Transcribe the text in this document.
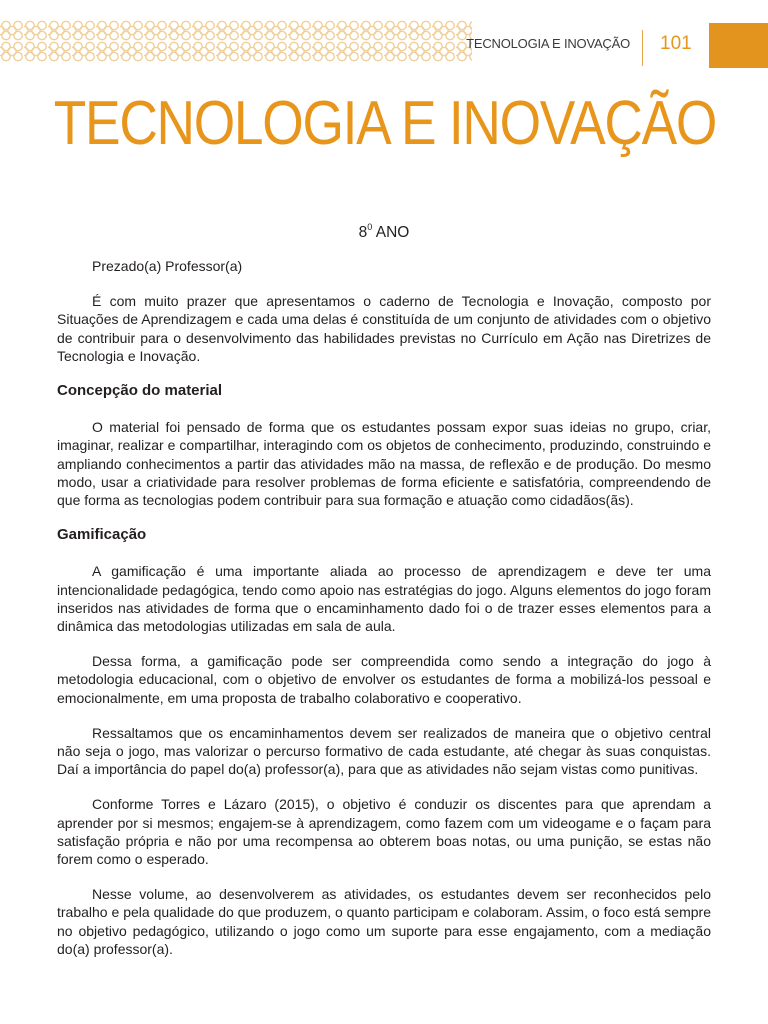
TECNOLOGIA E INOVAÇÃO 101
TECNOLOGIA E INOVAÇÃO
$8^0$ ANO
Prezado(a) Professor(a)

É com muito prazer que apresentamos o caderno de Tecnologia e Inovação, composto por Situações de Aprendizagem e cada uma delas é constituída de um conjunto de atividades com o objetivo de contribuir para o desenvolvimento das habilidades previstas no Currículo em Ação nas Diretrizes de Tecnologia e Inovação.

Concepção do material

O material foi pensado de forma que os estudantes possam expor suas ideias no grupo, criar, imaginar, realizar e compartilhar, interagindo com os objetos de conhecimento, produzindo, construindo e ampliando conhecimentos a partir das atividades mão na massa, de reflexão e de produção. Do mesmo modo, usar a criatividade para resolver problemas de forma eficiente e satisfatória, compreendendo de que forma as tecnologias podem contribuir para sua formação e atuação como cidadãos(ãs).

Gamificação

A gamificação é uma importante aliada ao processo de aprendizagem e deve ter uma intencionalidade pedagógica, tendo como apoio nas estratégias do jogo. Alguns elementos do jogo foram inseridos nas atividades de forma que o encaminhamento dado foi o de trazer esses elementos para a dinâmica das metodologias utilizadas em sala de aula.

Dessa forma, a gamificação pode ser compreendida como sendo a integração do jogo à metodologia educacional, com o objetivo de envolver os estudantes de forma a mobilizá-los pessoal e emocionalmente, em uma proposta de trabalho colaborativo e cooperativo.

Ressaltamos que os encaminhamentos devem ser realizados de maneira que o objetivo central não seja o jogo, mas valorizar o percurso formativo de cada estudante, até chegar às suas conquistas. Daí a importância do papel do(a) professor(a), para que as atividades não sejam vistas como punitivas.

Conforme Torres e Lázaro (2015), o objetivo é conduzir os discentes para que aprendam a aprender por si mesmos; engajem-se à aprendizagem, como fazem com um videogame e o façam para satisfação própria e não por uma recompensa ao obterem boas notas, ou uma punição, se estas não forem como o esperado.

Nesse volume, ao desenvolverem as atividades, os estudantes devem ser reconhecidos pelo trabalho e pela qualidade do que produzem, o quanto participam e colaboram. Assim, o foco está sempre no objetivo pedagógico, utilizando o jogo como um suporte para esse engajamento, com a mediação do(a) professor(a).
